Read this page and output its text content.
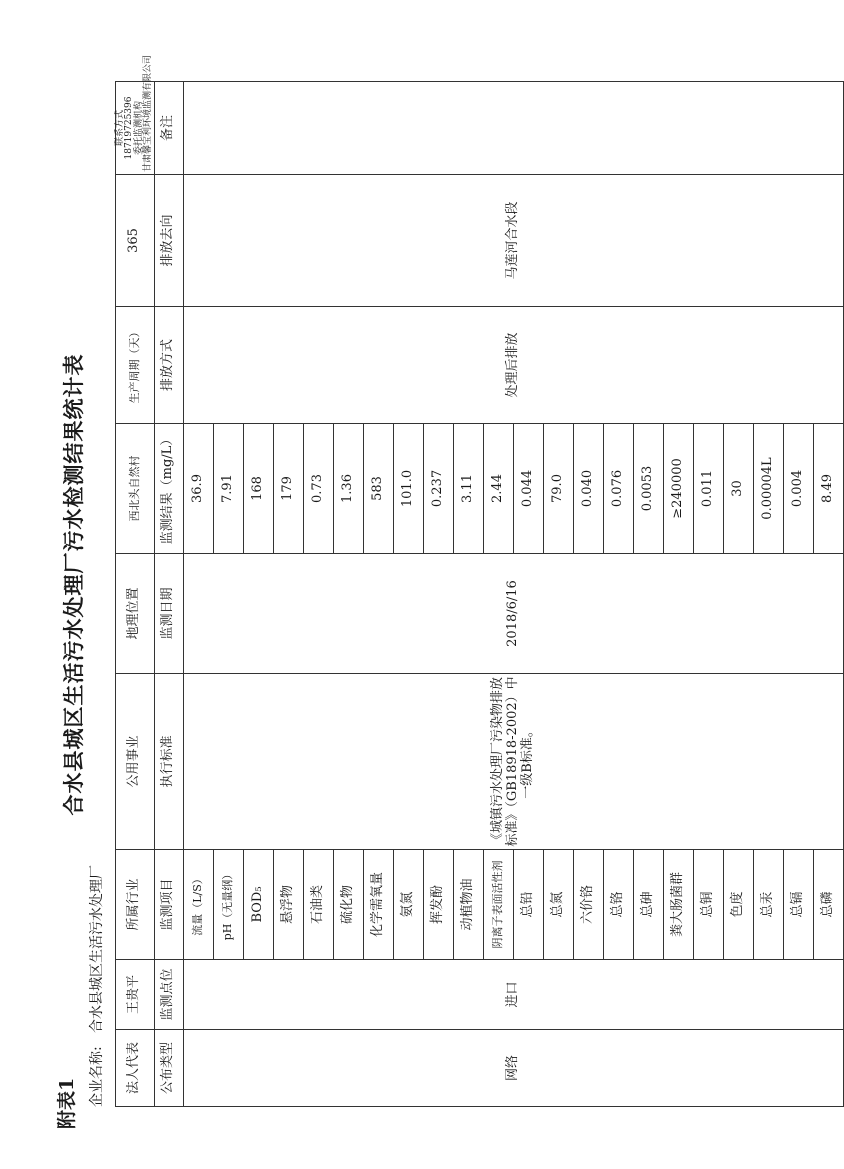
附表1
合水县城区生活污水处理厂污水检测结果统计表
企业名称:
合水县城区生活污水处理厂
法人代表	王贵平	所属行业	公用事业	地理位置	西北头自然村	生产周期（天）	365	联系方式 18719725396 委托监测机构 甘肃馨宝利环境监测有限公司

公布类型	监测点位	监测项目	执行标准	监测日期	监测结果（mg/L）	排放方式	排放去向	备注
网络	进口	流量（L/S）	《城镇污水处理厂污染物排放标准》（GB18918-2002）中一级B标准。	2018/6/16	36.9	处理后排放	马莲河合水段	
		pH（无量纲）			7.91			
		BOD₅			168			
		悬浮物			179			
		石油类			0.73			
		硫化物			1.36			
		化学需氧量			583			
		氨氮			101.0			
		挥发酚			0.237			
		动植物油			3.11			
		阴离子表面活性剂			2.44			
		总铅			0.044			
		总氮			79.0			
		六价铬			0.040			
		总铬			0.076			
		总砷			0.0053			
		粪大肠菌群			≥240000			
		总铜			0.011			
		色度			30			
		总汞			0.00004L			
		总镉			0.004			
		总磷			8.49			
